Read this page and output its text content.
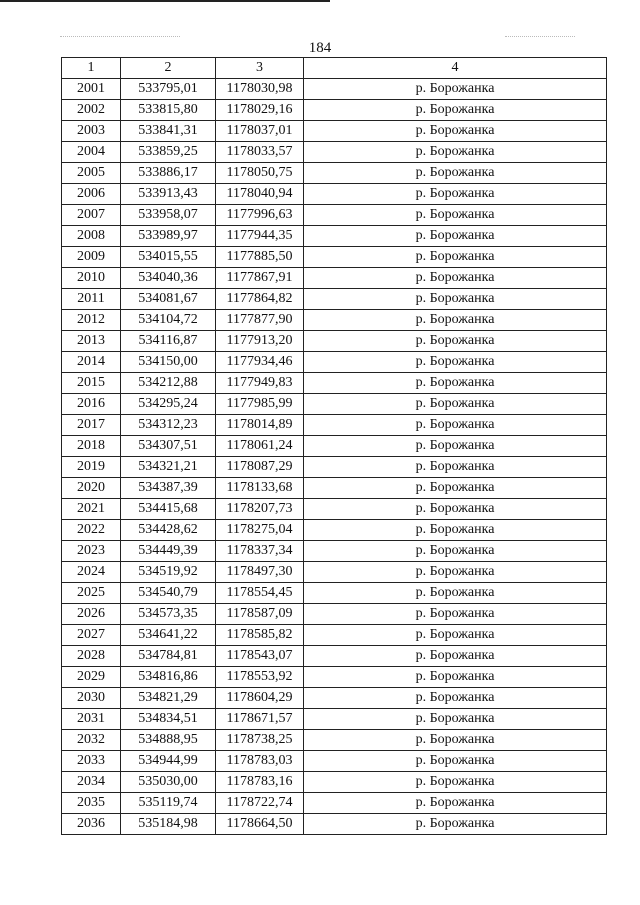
184
1	2	3	4
2001	533795,01	1178030,98	р. Борожанка
2002	533815,80	1178029,16	р. Борожанка
2003	533841,31	1178037,01	р. Борожанка
2004	533859,25	1178033,57	р. Борожанка
2005	533886,17	1178050,75	р. Борожанка
2006	533913,43	1178040,94	р. Борожанка
2007	533958,07	1177996,63	р. Борожанка
2008	533989,97	1177944,35	р. Борожанка
2009	534015,55	1177885,50	р. Борожанка
2010	534040,36	1177867,91	р. Борожанка
2011	534081,67	1177864,82	р. Борожанка
2012	534104,72	1177877,90	р. Борожанка
2013	534116,87	1177913,20	р. Борожанка
2014	534150,00	1177934,46	р. Борожанка
2015	534212,88	1177949,83	р. Борожанка
2016	534295,24	1177985,99	р. Борожанка
2017	534312,23	1178014,89	р. Борожанка
2018	534307,51	1178061,24	р. Борожанка
2019	534321,21	1178087,29	р. Борожанка
2020	534387,39	1178133,68	р. Борожанка
2021	534415,68	1178207,73	р. Борожанка
2022	534428,62	1178275,04	р. Борожанка
2023	534449,39	1178337,34	р. Борожанка
2024	534519,92	1178497,30	р. Борожанка
2025	534540,79	1178554,45	р. Борожанка
2026	534573,35	1178587,09	р. Борожанка
2027	534641,22	1178585,82	р. Борожанка
2028	534784,81	1178543,07	р. Борожанка
2029	534816,86	1178553,92	р. Борожанка
2030	534821,29	1178604,29	р. Борожанка
2031	534834,51	1178671,57	р. Борожанка
2032	534888,95	1178738,25	р. Борожанка
2033	534944,99	1178783,03	р. Борожанка
2034	535030,00	1178783,16	р. Борожанка
2035	535119,74	1178722,74	р. Борожанка
2036	535184,98	1178664,50	р. Борожанка
